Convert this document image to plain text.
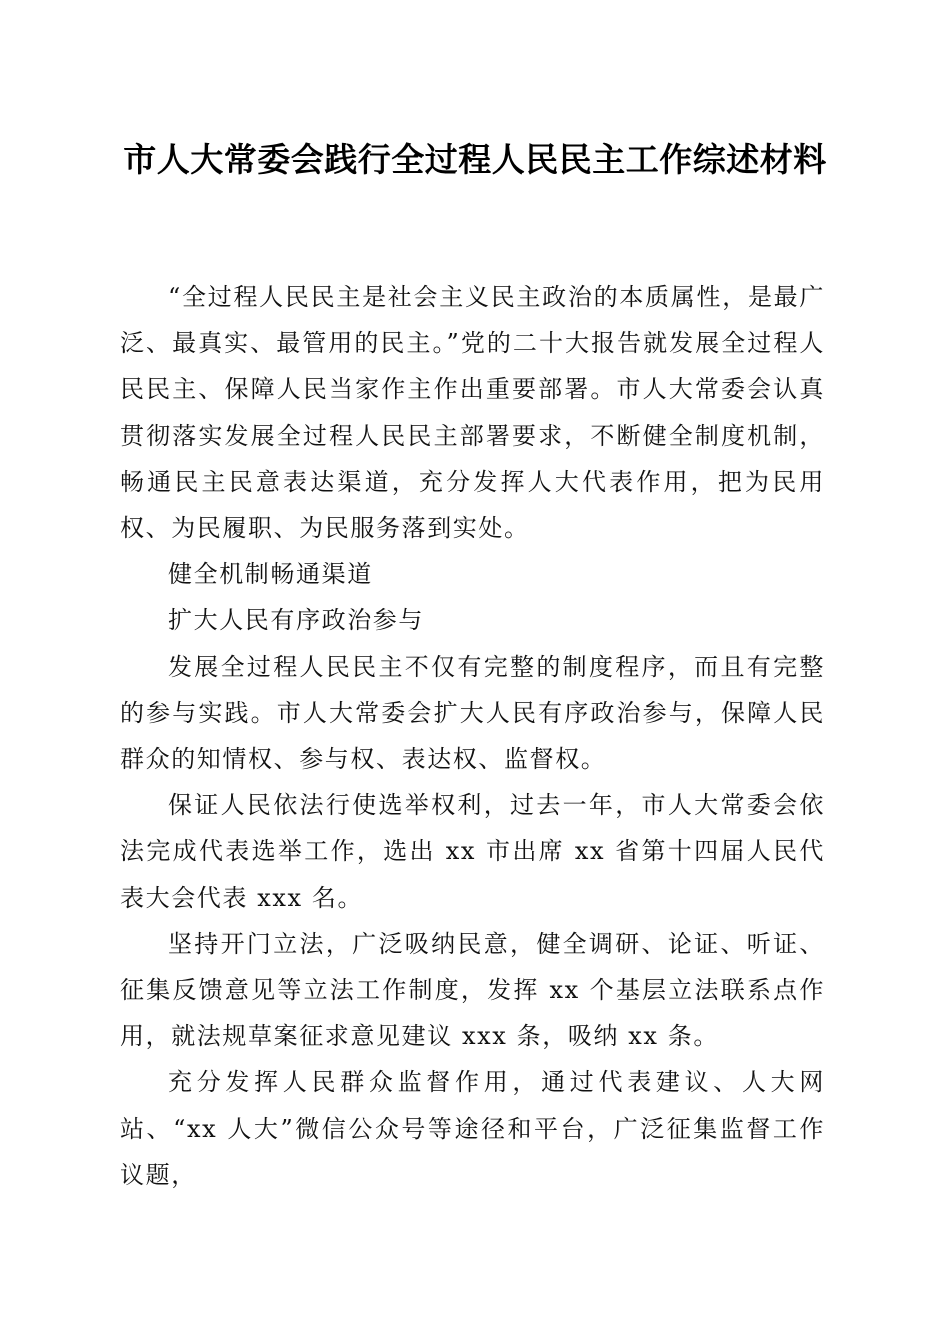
市人大常委会践行全过程人民民主工作综述材料

“全过程人民民主是社会主义民主政治的本质属性，是最广泛、最真实、最管用的民主。”党的二十大报告就发展全过程人民民主、保障人民当家作主作出重要部署。市人大常委会认真贯彻落实发展全过程人民民主部署要求，不断健全制度机制，畅通民主民意表达渠道，充分发挥人大代表作用，把为民用权、为民履职、为民服务落到实处。

健全机制畅通渠道

扩大人民有序政治参与

发展全过程人民民主不仅有完整的制度程序，而且有完整的参与实践。市人大常委会扩大人民有序政治参与，保障人民群众的知情权、参与权、表达权、监督权。

保证人民依法行使选举权利，过去一年，市人大常委会依法完成代表选举工作，选出 xx 市出席 xx 省第十四届人民代表大会代表 xxx 名。

坚持开门立法，广泛吸纳民意，健全调研、论证、听证、征集反馈意见等立法工作制度，发挥 xx 个基层立法联系点作用，就法规草案征求意见建议 xxx 条，吸纳 xx 条。

充分发挥人民群众监督作用，通过代表建议、人大网站、“xx 人大”微信公众号等途径和平台，广泛征集监督工作议题，
